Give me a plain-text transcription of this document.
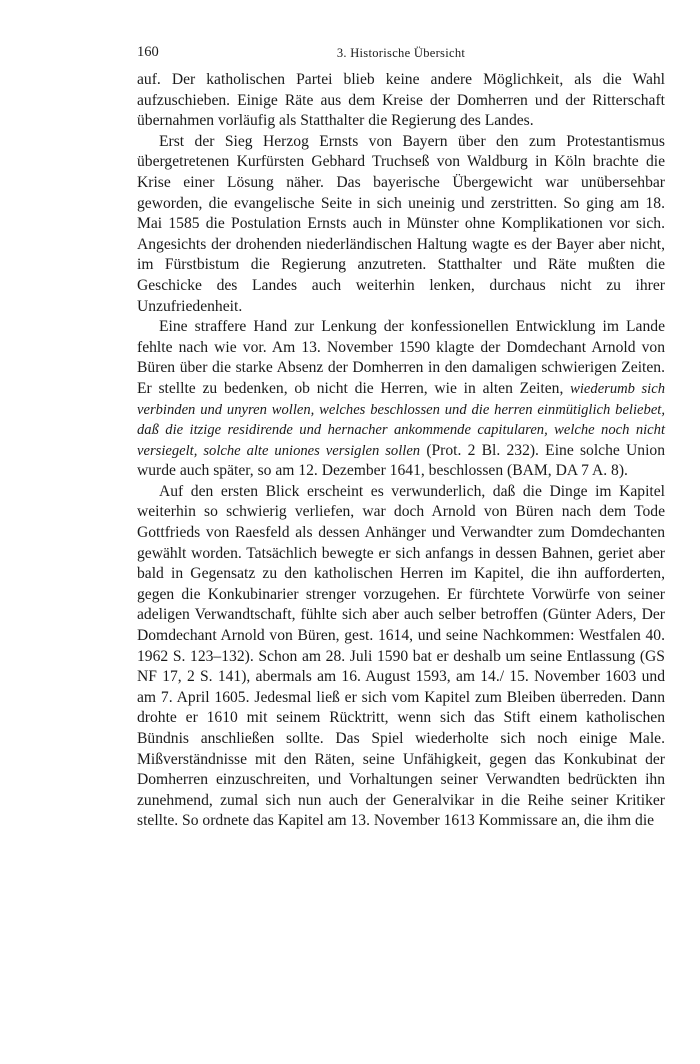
160	3. Historische Übersicht

auf. Der katholischen Partei blieb keine andere Möglichkeit, als die Wahl aufzuschieben. Einige Räte aus dem Kreise der Domherren und der Ritterschaft übernahmen vorläufig als Statthalter die Regierung des Landes.

Erst der Sieg Herzog Ernsts von Bayern über den zum Protestantismus übergetretenen Kurfürsten Gebhard Truchseß von Waldburg in Köln brachte die Krise einer Lösung näher. Das bayerische Übergewicht war unübersehbar geworden, die evangelische Seite in sich uneinig und zerstritten. So ging am 18. Mai 1585 die Postulation Ernsts auch in Münster ohne Komplikationen vor sich. Angesichts der drohenden niederländischen Haltung wagte es der Bayer aber nicht, im Fürstbistum die Regierung anzutreten. Statthalter und Räte mußten die Geschicke des Landes auch weiterhin lenken, durchaus nicht zu ihrer Unzufriedenheit.

Eine straffere Hand zur Lenkung der konfessionellen Entwicklung im Lande fehlte nach wie vor. Am 13. November 1590 klagte der Domdechant Arnold von Büren über die starke Absenz der Domherren in den damaligen schwierigen Zeiten. Er stellte zu bedenken, ob nicht die Herren, wie in alten Zeiten, wiederumb sich verbinden und unyren wollen, welches beschlossen und die herren einmütiglich beliebet, daß die itzige residirende und hernacher ankommende capitularen, welche noch nicht versiegelt, solche alte uniones versiglen sollen (Prot. 2 Bl. 232). Eine solche Union wurde auch später, so am 12. Dezember 1641, beschlossen (BAM, DA 7 A. 8).

Auf den ersten Blick erscheint es verwunderlich, daß die Dinge im Kapitel weiterhin so schwierig verliefen, war doch Arnold von Büren nach dem Tode Gottfrieds von Raesfeld als dessen Anhänger und Verwandter zum Domdechanten gewählt worden. Tatsächlich bewegte er sich anfangs in dessen Bahnen, geriet aber bald in Gegensatz zu den katholischen Herren im Kapitel, die ihn aufforderten, gegen die Konkubinarier strenger vorzugehen. Er fürchtete Vorwürfe von seiner adeligen Verwandtschaft, fühlte sich aber auch selber betroffen (Günter Aders, Der Domdechant Arnold von Büren, gest. 1614, und seine Nachkommen: Westfalen 40. 1962 S. 123–132). Schon am 28. Juli 1590 bat er deshalb um seine Entlassung (GS NF 17, 2 S. 141), abermals am 16. August 1593, am 14./ 15. November 1603 und am 7. April 1605. Jedesmal ließ er sich vom Kapitel zum Bleiben überreden. Dann drohte er 1610 mit seinem Rücktritt, wenn sich das Stift einem katholischen Bündnis anschließen sollte. Das Spiel wiederholte sich noch einige Male. Mißverständnisse mit den Räten, seine Unfähigkeit, gegen das Konkubinat der Domherren einzuschreiten, und Vorhaltungen seiner Verwandten bedrückten ihn zunehmend, zumal sich nun auch der Generalvikar in die Reihe seiner Kritiker stellte. So ordnete das Kapitel am 13. November 1613 Kommissare an, die ihm die
